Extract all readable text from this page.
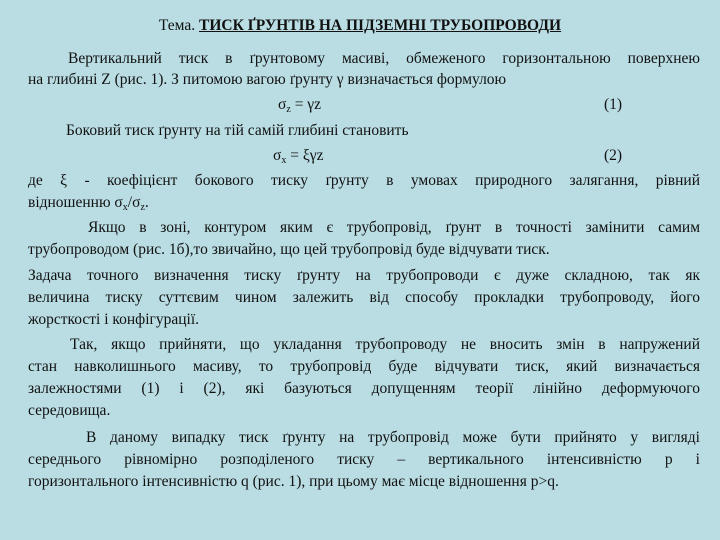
Тема. ТИСК ҐРУНТІВ НА ПІДЗЕМНІ ТРУБОПРОВОДИ
Вертикальний тиск в ґрунтовому масиві, обмеженого горизонтальною поверхнею
на глибині Z (рис. 1). З питомою вагою ґрунту γ визначається формулою
$\sigma_z = \gamma z$	(1)
Боковий тиск ґрунту на тій самій глибині становить
$\sigma_x = \xi\gamma z$	(2)
де ξ - коефіцієнт бокового тиску ґрунту в умовах природного залягання, рівний
відношенню $\sigma_х/\sigma_z$.
Якщо в зоні, контуром яким є трубопровід, ґрунт в точності замінити самим
трубопроводом (рис. 1б),то звичайно, що цей трубопровід буде відчувати тиск.
Задача точного визначення тиску ґрунту на трубопроводи є дуже складною, так як
величина тиску суттєвим чином залежить від способу прокладки трубопроводу, його
жорсткості і конфігурації.
Так, якщо прийняти, що укладання трубопроводу не вносить змін в напружений
стан навколишнього масиву, то трубопровід буде відчувати тиск, який визначається
залежностями (1) і (2), які базуються допущенням теорії лінійно деформуючого
середовища.
В даному випадку тиск ґрунту на трубопровід може бути прийнято у вигляді
середнього рівномірно розподіленого тиску – вертикального інтенсивністю р і
горизонтального інтенсивністю q (рис. 1), при цьому має місце відношення p>q.
